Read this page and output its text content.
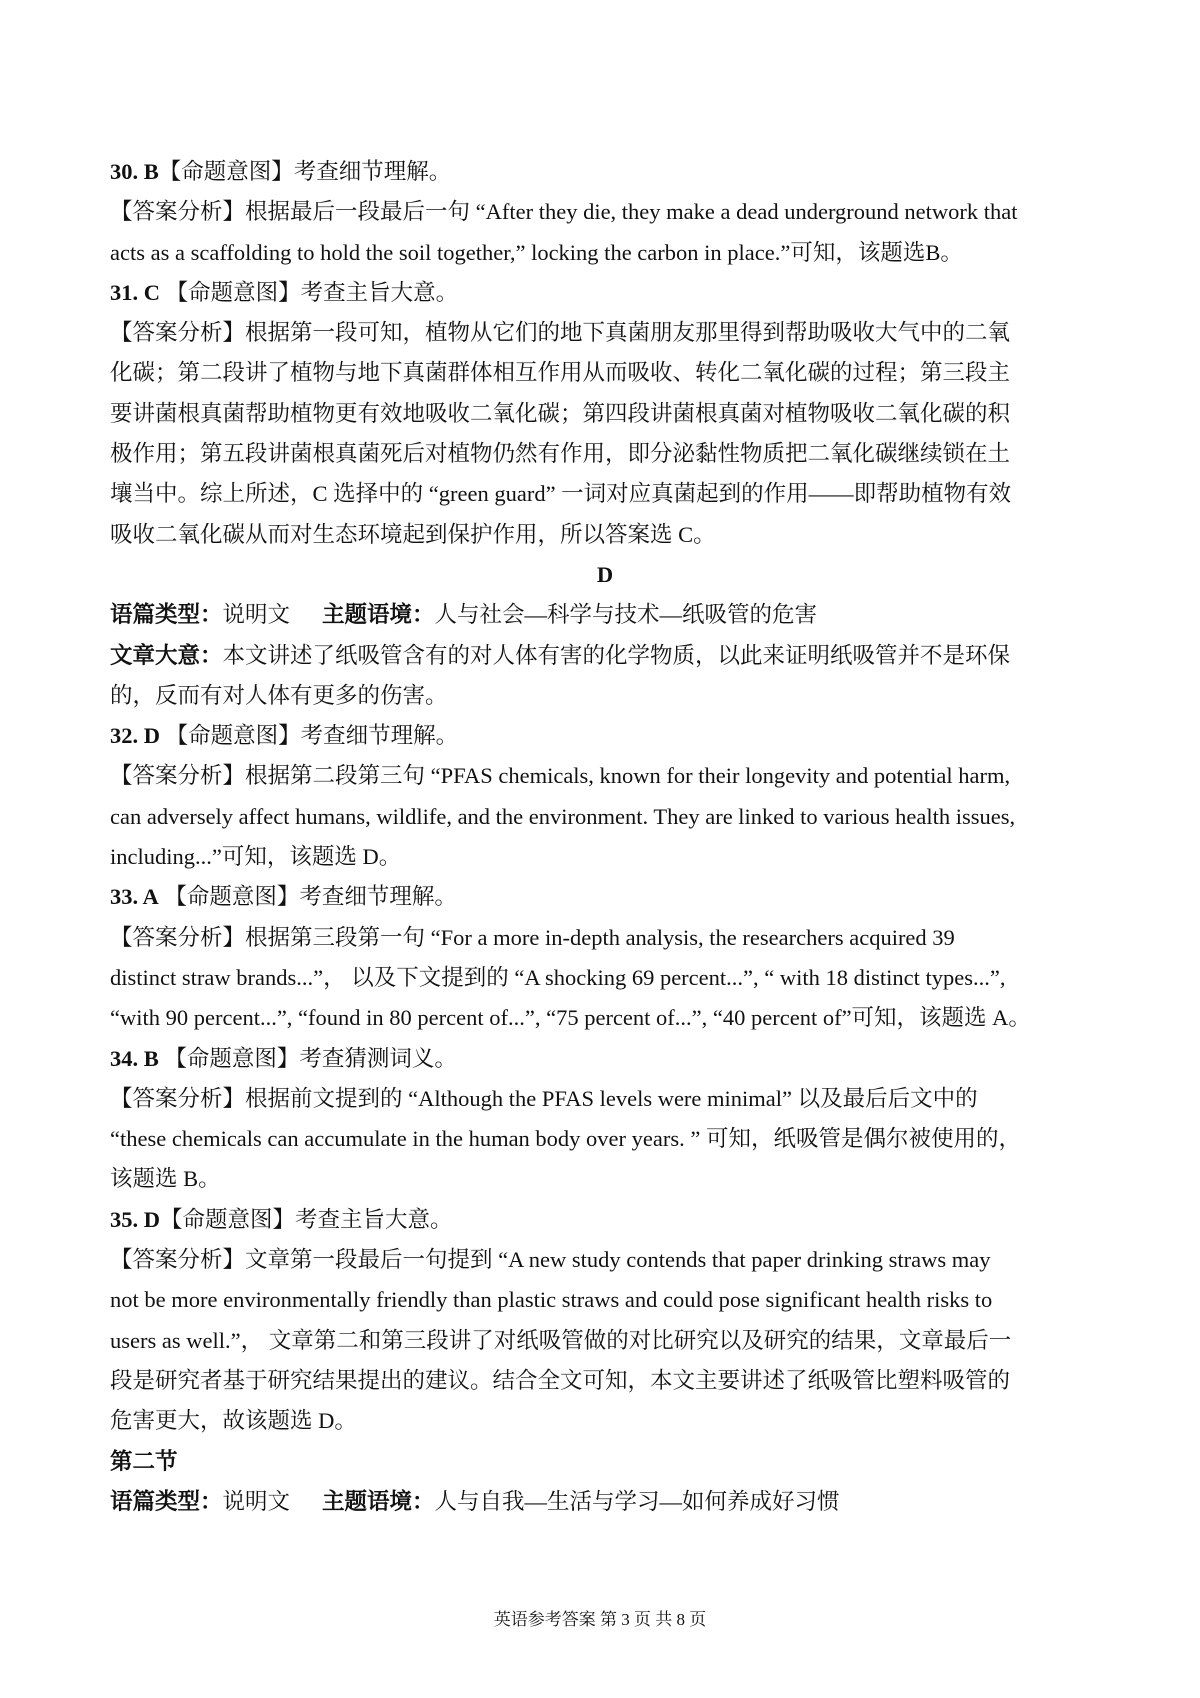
30. B【命题意图】考查细节理解。
【答案分析】根据最后一段最后一句 “After they die, they make a dead underground network that
acts as a scaffolding to hold the soil together,” locking the carbon in place.”可知，该题选B。
31. C 【命题意图】考查主旨大意。
【答案分析】根据第一段可知，植物从它们的地下真菌朋友那里得到帮助吸收大气中的二氧
化碳；第二段讲了植物与地下真菌群体相互作用从而吸收、转化二氧化碳的过程；第三段主
要讲菌根真菌帮助植物更有效地吸收二氧化碳；第四段讲菌根真菌对植物吸收二氧化碳的积
极作用；第五段讲菌根真菌死后对植物仍然有作用，即分泌黏性物质把二氧化碳继续锁在土
壤当中。综上所述，C 选择中的 “green guard” 一词对应真菌起到的作用——即帮助植物有效
吸收二氧化碳从而对生态环境起到保护作用，所以答案选 C。
D
语篇类型：说明文 主题语境：人与社会—科学与技术—纸吸管的危害
文章大意：本文讲述了纸吸管含有的对人体有害的化学物质，以此来证明纸吸管并不是环保
的，反而有对人体有更多的伤害。
32. D 【命题意图】考查细节理解。
【答案分析】根据第二段第三句 “PFAS chemicals, known for their longevity and potential harm,
can adversely affect humans, wildlife, and the environment. They are linked to various health issues,
including...”可知，该题选 D。
33. A 【命题意图】考查细节理解。
【答案分析】根据第三段第一句 “For a more in-depth analysis, the researchers acquired 39
distinct straw brands...”， 以及下文提到的 “A shocking 69 percent...”, “ with 18 distinct types...”,
“with 90 percent...”, “found in 80 percent of...”, “75 percent of...”, “40 percent of”可知，该题选 A。
34. B 【命题意图】考查猜测词义。
【答案分析】根据前文提到的 “Although the PFAS levels were minimal” 以及最后后文中的
“these chemicals can accumulate in the human body over years. ” 可知，纸吸管是偶尔被使用的，
该题选 B。
35. D【命题意图】考查主旨大意。
【答案分析】文章第一段最后一句提到 “A new study contends that paper drinking straws may
not be more environmentally friendly than plastic straws and could pose significant health risks to
users as well.”， 文章第二和第三段讲了对纸吸管做的对比研究以及研究的结果，文章最后一
段是研究者基于研究结果提出的建议。结合全文可知，本文主要讲述了纸吸管比塑料吸管的
危害更大，故该题选 D。
第二节
语篇类型：说明文 主题语境：人与自我—生活与学习—如何养成好习惯
英语参考答案 第 3 页 共 8 页
